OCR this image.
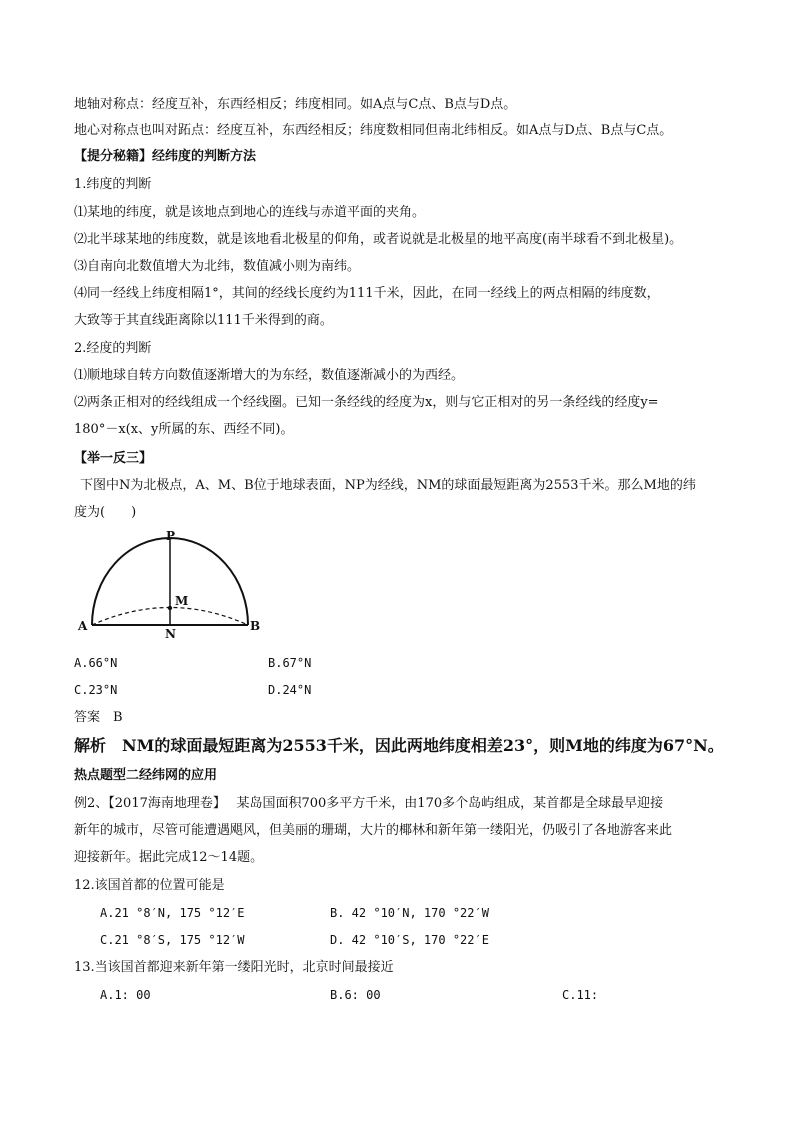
地轴对称点：经度互补，东西经相反；纬度相同。如A点与C点、B点与D点。
地心对称点也叫对跖点：经度互补，东西经相反；纬度数相同但南北纬相反。如A点与D点、B点与C点。
【提分秘籍】经纬度的判断方法
1.纬度的判断
⑴某地的纬度，就是该地点到地心的连线与赤道平面的夹角。
⑵北半球某地的纬度数，就是该地看北极星的仰角，或者说就是北极星的地平高度(南半球看不到北极星)。
⑶自南向北数值增大为北纬，数值减小则为南纬。
⑷同一经线上纬度相隔1°，其间的经线长度约为111千米，因此，在同一经线上的两点相隔的纬度数，
大致等于其直线距离除以111千米得到的商。
2.经度的判断
⑴顺地球自转方向数值逐渐增大的为东经，数值逐渐减小的为西经。
⑵两条正相对的经线组成一个经线圈。已知一条经线的经度为x，则与它正相对的另一条经线的经度y=
180°－x(x、y所属的东、西经不同)。
【举一反三】
下图中N为北极点，A、M、B位于地球表面，NP为经线，NM的球面最短距离为2553千米。那么M地的纬
度为(　　)
P
M
A
N
B
A.66°N	B.67°N
C.23°N	D.24°N
答案　B
解析　NM的球面最短距离为2553千米，因此两地纬度相差23°，则M地的纬度为67°N。
热点题型二经纬网的应用
例2、【2017海南地理卷】　 某岛国面积700多平方千米，由170多个岛屿组成，某首都是全球最早迎接
新年的城市，尽管可能遭遇飓风，但美丽的珊瑚，大片的椰林和新年第一缕阳光，仍吸引了各地游客来此
迎接新年。据此完成12～14题。
12.该国首都的位置可能是
A.21 °8′N, 175 °12′E	B. 42 °10′N, 170 °22′W
C.21 °8′S, 175 °12′W	D. 42 °10′S, 170 °22′E
13.当该国首都迎来新年第一缕阳光时，北京时间最接近
A.1: 00	B.6: 00	C.11:
